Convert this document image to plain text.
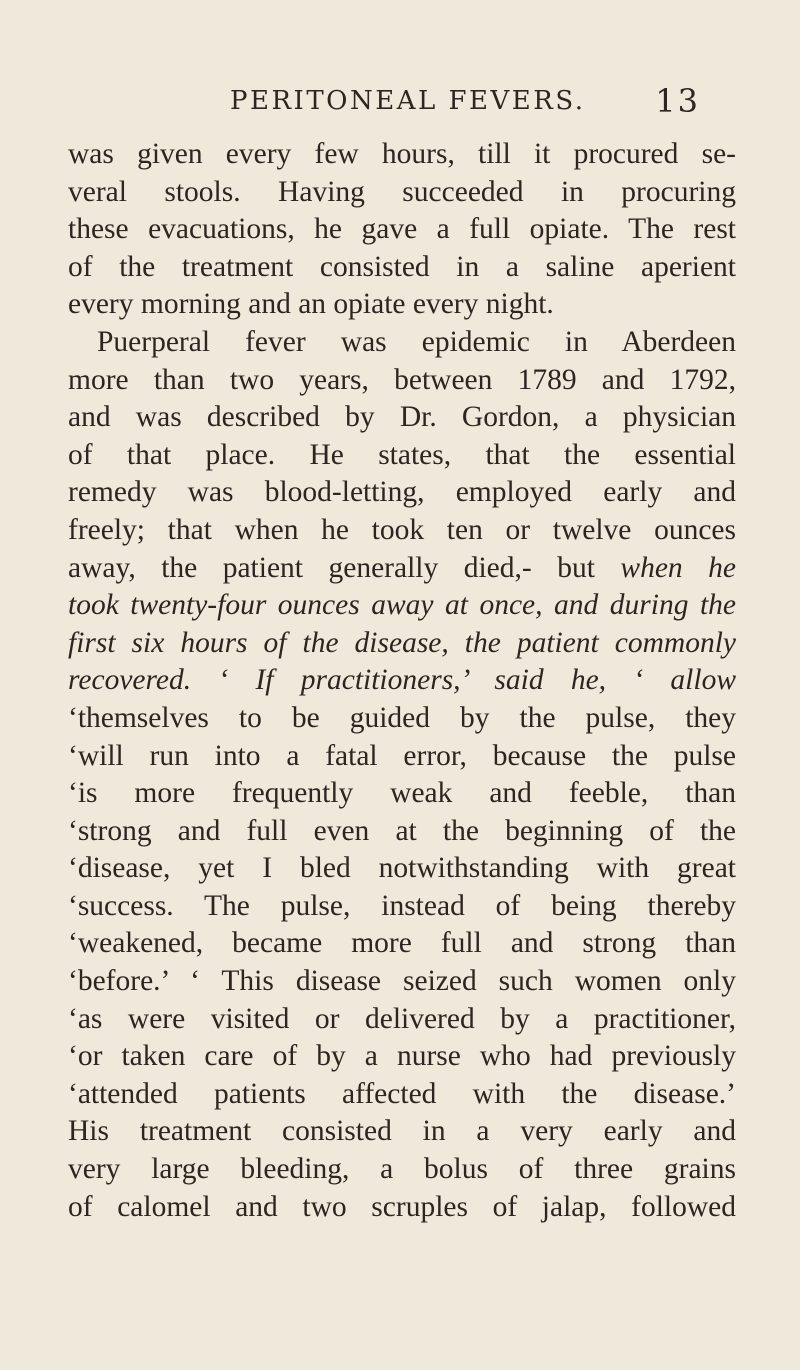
PERITONEAL FEVERS. 13
was given every few hours, till it procured se-
veral stools. Having succeeded in procuring
these evacuations, he gave a full opiate. The rest
of the treatment consisted in a saline aperient
every morning and an opiate every night.
Puerperal fever was epidemic in Aberdeen
more than two years, between 1789 and 1792,
and was described by Dr. Gordon, a physician
of that place. He states, that the essential
remedy was blood-letting, employed early and
freely; that when he took ten or twelve ounces
away, the patient generally died,- but when he
took twenty-four ounces away at once, and during the
first six hours of the disease, the patient commonly
recovered. ‘ If practitioners,’ said he, ‘ allow
‘themselves to be guided by the pulse, they
‘will run into a fatal error, because the pulse
‘is more frequently weak and feeble, than
‘strong and full even at the beginning of the
‘disease, yet I bled notwithstanding with great
‘success. The pulse, instead of being thereby
‘weakened, became more full and strong than
‘before.’ ‘ This disease seized such women only
‘as were visited or delivered by a practitioner,
‘or taken care of by a nurse who had previously
‘attended patients affected with the disease.’
His treatment consisted in a very early and
very large bleeding, a bolus of three grains
of calomel and two scruples of jalap, followed
